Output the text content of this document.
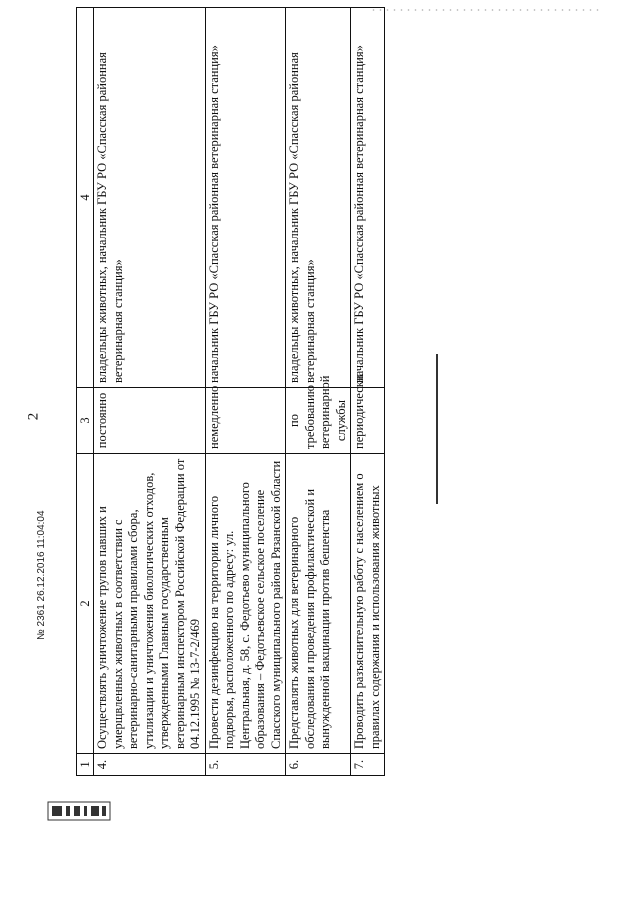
2
№ 2361 26.12.2016 11:04:04
1	2	3	4
4.	Осуществлять уничтожение трупов павших и умерщвленных животных в соответствии с ветеринарно-санитарными правилами сбора, утилизации и уничтожения биологических отходов, утвержденными Главным государственным ветеринарным инспектором Российской Федерации от 04.12.1995 № 13-7-2/469	постоянно	владельцы животных, начальник ГБУ РО «Спасская районная ветеринарная станция»
5.	Провести дезинфекцию на территории личного подворья, расположенного по адресу: ул. Центральная, д. 58, с. Федотьево муниципального образования – Федотьевское сельское поселение Спасского муниципального района Рязанской области	немедленно	начальник ГБУ РО «Спасская районная ветеринарная станция»
6.	Представлять животных для ветеринарного обследования и проведения профилактической и вынужденной вакцинации против бешенства	по требованию ветеринарной службы	владельцы животных, начальник ГБУ РО «Спасская районная ветеринарная станция»
7.	Проводить разъяснительную работу с населением о правилах содержания и использования животных	периодически	начальник ГБУ РО «Спасская районная ветеринарная станция»
